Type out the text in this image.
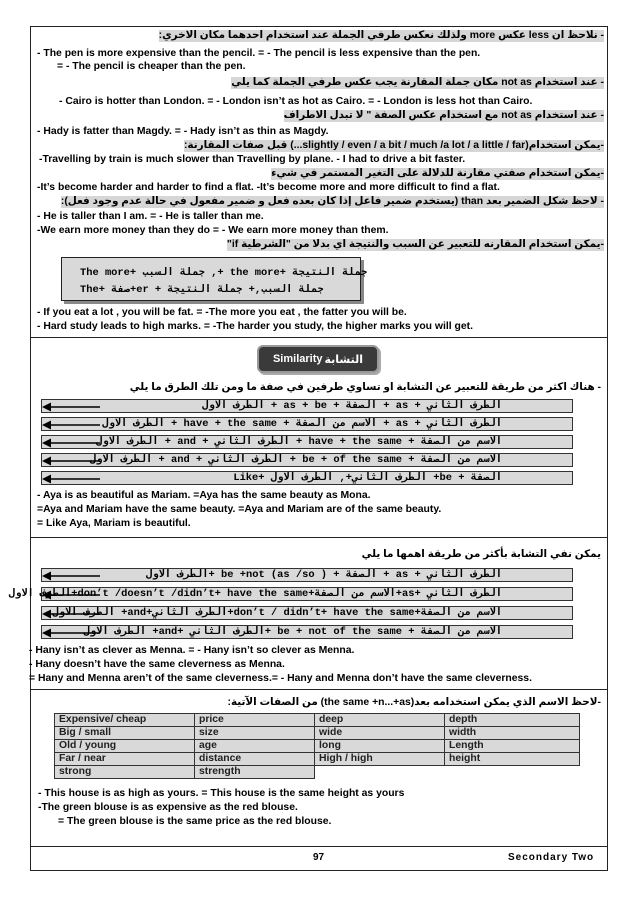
- نلاحظ ان less عكس more ولذلك نعكس طرفي الجملة عند استخدام احدهما مكان الاخري:
- The pen is more expensive than the pencil. = - The pencil is less expensive than the pen.
= - The pencil is cheaper than the pen.
- عند استخدام not as مكان جملة المقارنة يجب عكس طرفي الجملة كما يلي
- Cairo is hotter than London. = - London isn’t as hot as Cairo. = - London is less hot than Cairo.
- عند استخدام not as مع استخدام عكس الصفة " لا تبدل الاطراف
- Hady is fatter than Magdy. = - Hady isn’t as thin as Magdy.
-يمكن استخدام(slightly / even / a bit / much /a lot / a little / far...) قبل صفات المقارنة:
-Travelling by train is much slower than Travelling by plane. - I had to drive a bit faster.
-يمكن استخدام صفتي مقارنة للدلالة على التغير المستمر في شيء
-It’s become harder and harder to find a flat. -It’s become more and more difficult to find a flat.
- لاحظ شكل الضمير بعد than (يستخدم ضمير فاعل إذا كان بعده فعل و ضمير مفعول في حالة عدم وجود فعل):
- He is taller than I am. = - He is taller than me.
-We earn more money than they do = - We earn more money than them.
-يمكن استخدام المقارنه للتعبير عن السبب والنتيجة اي بدلا من "الشرطية if"
The more+ جملة السبب ,+ the more+ جملة النتيجة
The+ صفة+er + جملة السبب,+ جملة النتيجة
- If you eat a lot , you will be fat. = -The more you eat , the fatter you will be.
- Hard study leads to high marks. = -The harder you study, the higher marks you will get.
Similarity التشابة
- هناك اكثر من طريقة للتعبير عن التشابة او تساوي طرفين في صفة ما ومن تلك الطرق ما يلي
الطرف الثاني + as + الصفة + as + be + الطرف الاول
الطرف الثاني + as + الاسم من الصفة + have + the same + الطرف الاول
الاسم من الصفة + have + the same + الطرف الثاني + and + الطرف الاول
الاسم من الصفة + be + of the same + الطرف الثاني + and + الطرف الاول
الصفة + be+ الطرف الثاني+, الطرف الاول +Like
- Aya is as beautiful as Mariam. =Aya has the same beauty as Mona.
=Aya and Mariam have the same beauty. =Aya and Mariam are of the same beauty.
= Like Aya, Mariam is beautiful.
يمكن نفي التشابة بأكثر من طريقة اهمها ما يلي
الطرف الثاني + as + الصفة + be +not (as /so ) +الطرف الاول
الطرف الثاني +as+الاسم من الصفة+don’t /doesn’t /didn’t+ have the same+الطرف الاول
الاسم من الصفة+don’t / didn’t+ have the same+الطرف الثاني+and+ الطرف الاول
الاسم من الصفة + be + not of the same +الطرف الثاني +and+ الطرف الاول
- Hany isn’t as clever as Menna. = - Hany isn’t so clever as Menna.
- Hany doesn’t have the same cleverness as Menna.
= Hany and Menna aren’t of the same cleverness.= - Hany and Menna don’t have the same cleverness.
-لاحظ الاسم الذي يمكن استخدامه بعد(the same +n...+as) من الصفات الآتية:
Expensive/ cheap	price	deep	depth
Big / small	size	wide	width
Old / young	age	long	Length
Far / near	distance	High / high	height
strong	strength		
- This house is as high as yours. = This house is the same height as yours
-The green blouse is as expensive as the red blouse.
= The green blouse is the same price as the red blouse.
97	Secondary Two
